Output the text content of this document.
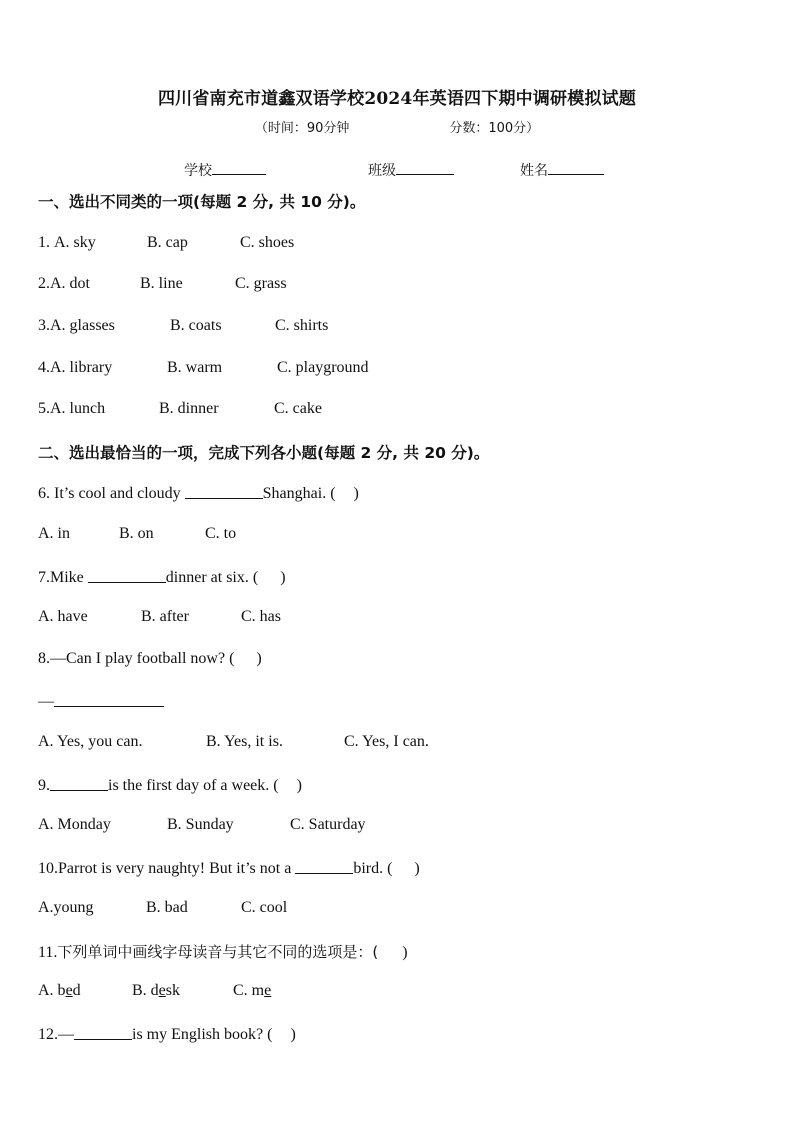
四川省南充市道鑫双语学校2024年英语四下期中调研模拟试题
（时间：90分钟	分数：100分）
学校	班级	姓名
一、选出不同类的一项(每题 2 分, 共 10 分)。
1. A. sky	B. cap	C. shoes
2.A. dot	B. line	C. grass
3.A. glasses	B. coats	C. shirts
4.A. library	B. warm	C. playground
5.A. lunch	B. dinner	C. cake
二、选出最恰当的一项，完成下列各小题(每题 2 分, 共 20 分)。
6. It’s cool and cloudy	Shanghai. ( )
A. in	B. on	C. to
7.Mike	dinner at six. ( )
A. have	B. after	C. has
8.—Can I play football now? ( )
—
A. Yes, you can.	B. Yes, it is.	C. Yes, I can.
9.	is the first day of a week. ( )
A. Monday	B. Sunday	C. Saturday
10.Parrot is very naughty! But it’s not a	bird. ( )
A.young	B. bad	C. cool
11.下列单词中画线字母读音与其它不同的选项是：( )
A. bed	B. desk	C. me
12.—	is my English book? ( )
